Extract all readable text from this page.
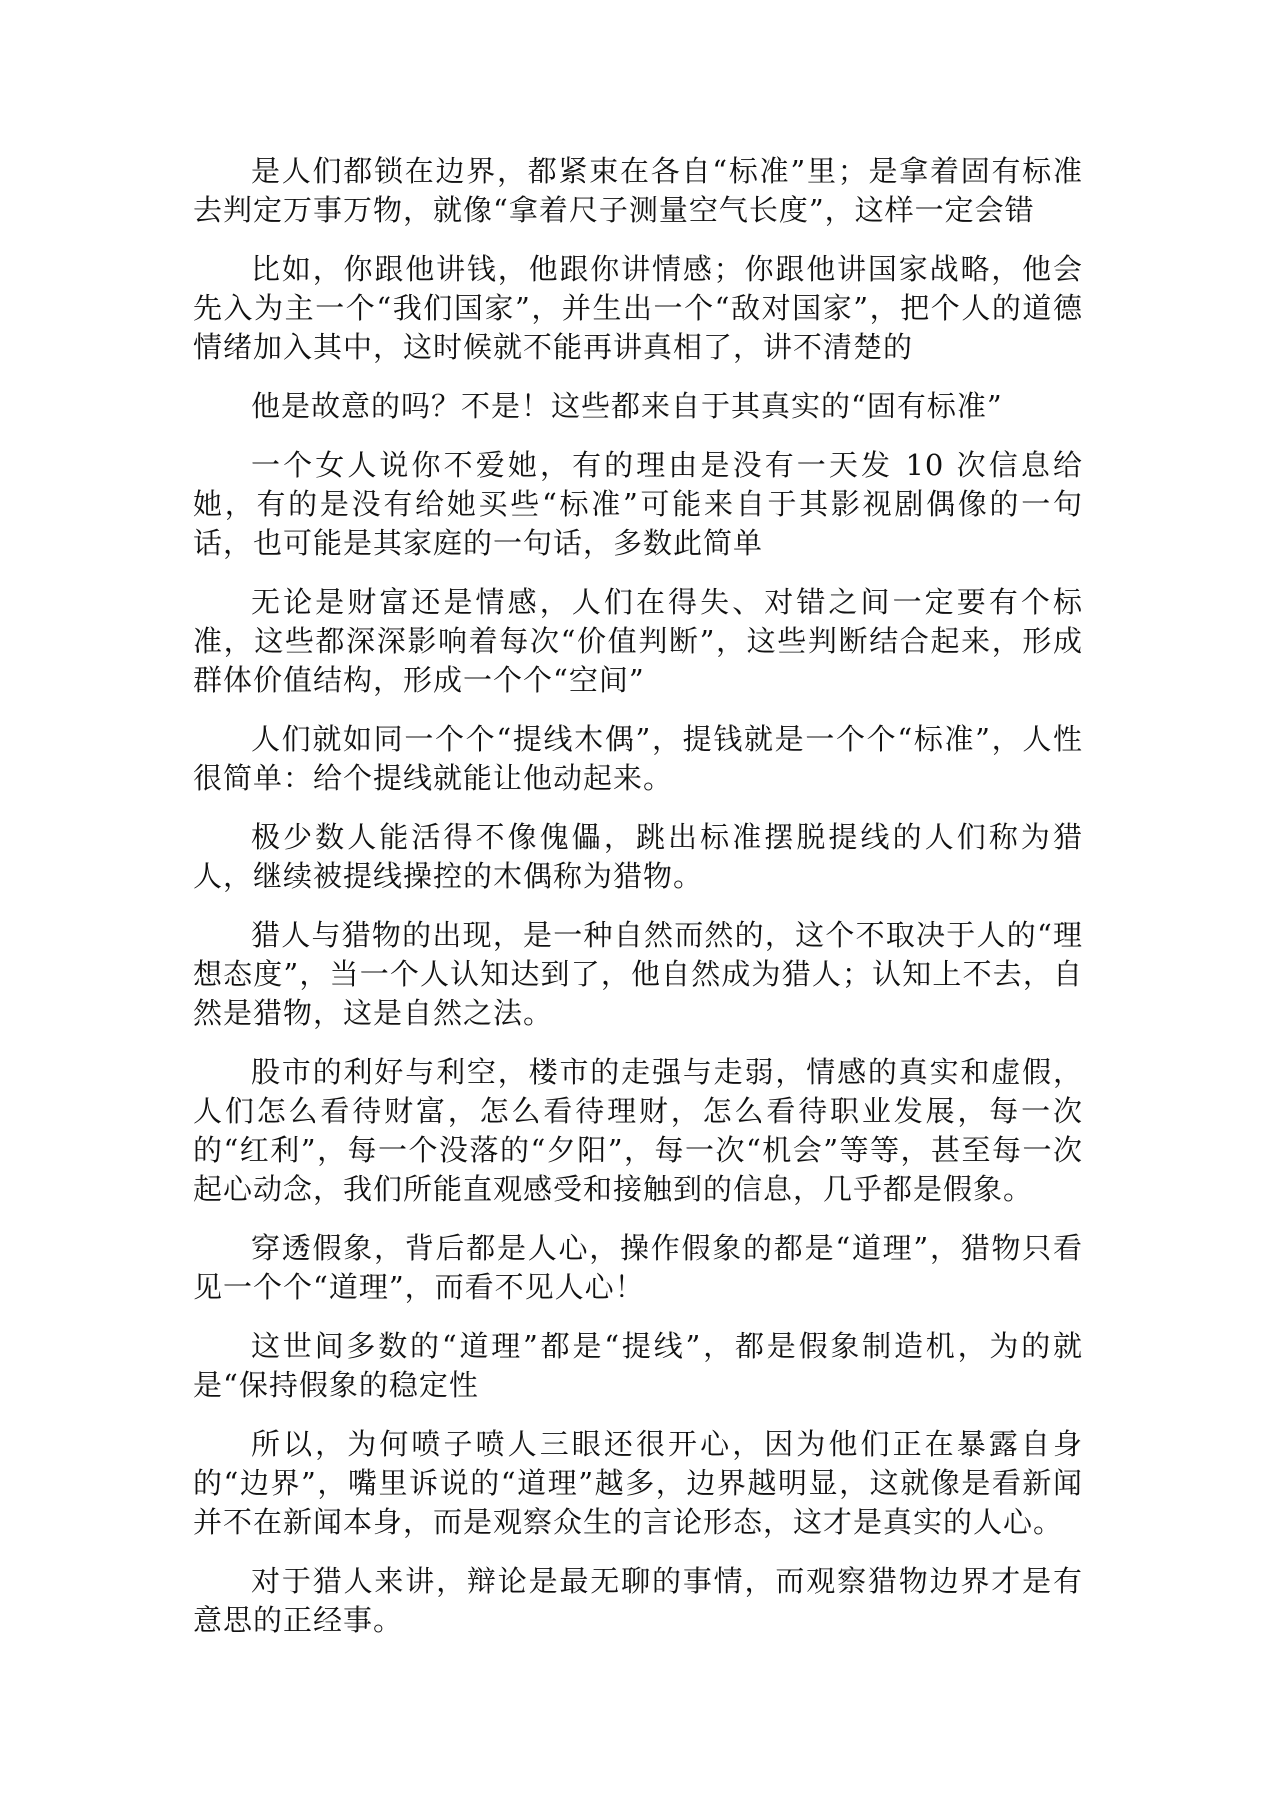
是人们都锁在边界，都紧束在各自“标准”里；是拿着固有标准去判定万事万物，就像“拿着尺子测量空气长度”，这样一定会错

比如，你跟他讲钱，他跟你讲情感；你跟他讲国家战略，他会先入为主一个“我们国家”，并生出一个“敌对国家”，把个人的道德情绪加入其中，这时候就不能再讲真相了，讲不清楚的

他是故意的吗？不是！这些都来自于其真实的“固有标准”

一个女人说你不爱她，有的理由是没有一天发 10 次信息给她，有的是没有给她买些“标准”可能来自于其影视剧偶像的一句话，也可能是其家庭的一句话，多数此简单

无论是财富还是情感，人们在得失、对错之间一定要有个标准，这些都深深影响着每次“价值判断”，这些判断结合起来，形成群体价值结构，形成一个个“空间”

人们就如同一个个“提线木偶”，提钱就是一个个“标准”，人性很简单：给个提线就能让他动起来。

极少数人能活得不像傀儡，跳出标准摆脱提线的人们称为猎人，继续被提线操控的木偶称为猎物。

猎人与猎物的出现，是一种自然而然的，这个不取决于人的“理想态度”，当一个人认知达到了，他自然成为猎人；认知上不去，自然是猎物，这是自然之法。

股市的利好与利空，楼市的走强与走弱，情感的真实和虚假，人们怎么看待财富，怎么看待理财，怎么看待职业发展，每一次的“红利”，每一个没落的“夕阳”，每一次“机会”等等，甚至每一次起心动念，我们所能直观感受和接触到的信息，几乎都是假象。

穿透假象，背后都是人心，操作假象的都是“道理”，猎物只看见一个个“道理”，而看不见人心！

这世间多数的“道理”都是“提线”，都是假象制造机，为的就是“保持假象的稳定性

所以，为何喷子喷人三眼还很开心，因为他们正在暴露自身的“边界”，嘴里诉说的“道理”越多，边界越明显，这就像是看新闻并不在新闻本身，而是观察众生的言论形态，这才是真实的人心。

对于猎人来讲，辩论是最无聊的事情，而观察猎物边界才是有意思的正经事。
